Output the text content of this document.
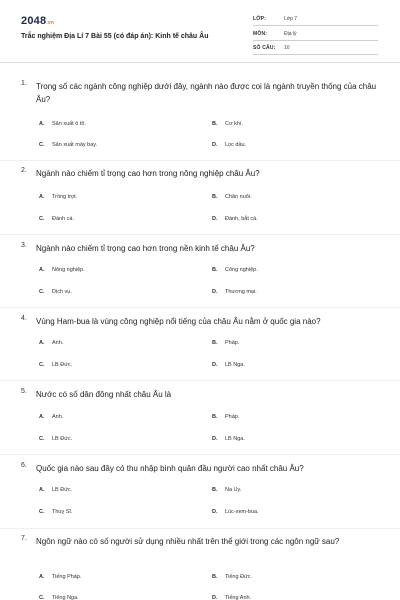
2048.vn
Trắc nghiệm Địa Lí 7 Bài 55 (có đáp án): Kinh tế châu Âu
LỚP:	Lớp 7
MÔN:	Địa lý
SỐ CÂU: 10
1. Trong số các ngành công nghiệp dưới đây, ngành nào được coi là ngành truyền thống của châu Âu?
A. Sản xuất ô tô.	B. Cơ khí.
C. Sản xuất máy bay.	D. Lọc dầu.
2. Ngành nào chiếm tỉ trọng cao hơn trong nông nghiệp châu Âu?
A. Trồng trọt.	B. Chăn nuôi.
C. Đánh cá.	D. Đánh, bắt cá.
3. Ngành nào chiếm tỉ trọng cao hơn trong nền kinh tế châu Âu?
A. Nông nghiệp.	B. Công nghiệp.
C. Dịch vụ.	D. Thương mại.
4. Vùng Ham-bua là vùng công nghiệp nổi tiếng của châu Âu nằm ở quốc gia nào?
A. Anh.	B. Pháp.
C. LB Đức.	D. LB Nga.
5. Nước có số dân đông nhất châu Âu là
A. Anh.	B. Pháp.
C. LB Đức.	D. LB Nga.
6. Quốc gia nào sau đây có thu nhập bình quân đầu người cao nhất châu Âu?
A. LB Đức.	B. Na Uy.
C. Thuỵ Sĩ.	D. Lúc-xem-bua.
7. Ngôn ngữ nào có số người sử dụng nhiều nhất trên thế giới trong các ngôn ngữ sau?
A. Tiếng Pháp.	B. Tiếng Đức.
C. Tiếng Nga.	D. Tiếng Anh.
